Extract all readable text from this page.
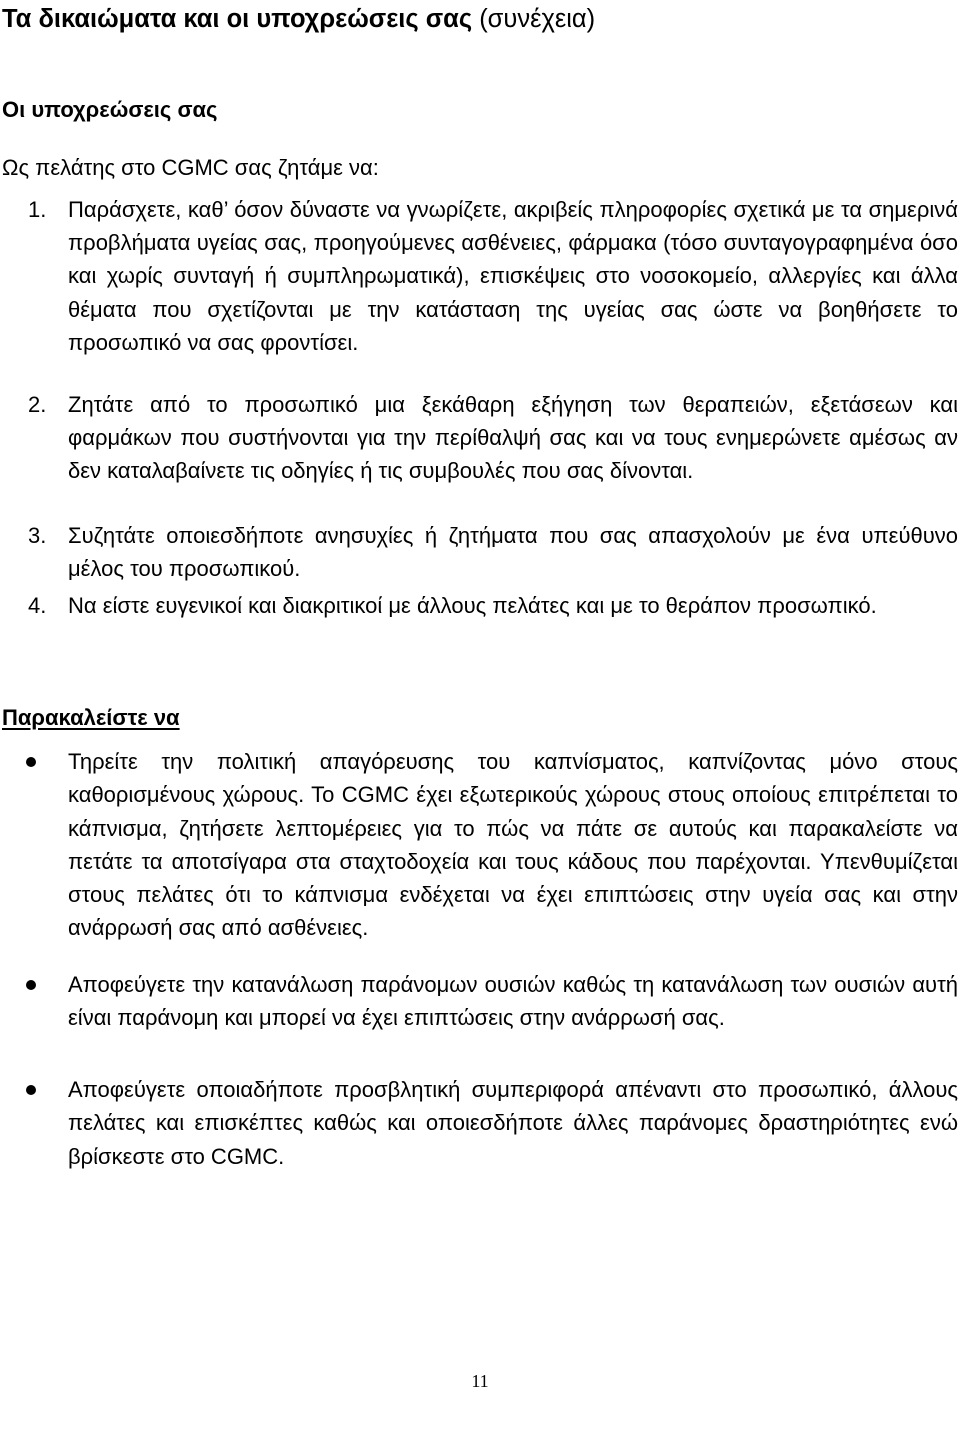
Τα δικαιώματα και οι υποχρεώσεις σας (συνέχεια)
Οι υποχρεώσεις σας

Ως πελάτης στο CGMC σας ζητάμε να:

1. Παράσχετε, καθ’ όσον δύναστε να γνωρίζετε, ακριβείς πληροφορίες σχετικά με τα σημερινά προβλήματα υγείας σας, προηγούμενες ασθένειες, φάρμακα (τόσο συνταγογραφημένα όσο και χωρίς συνταγή ή συμπληρωματικά), επισκέψεις στο νοσοκομείο, αλλεργίες και άλλα θέματα που σχετίζονται με την κατάσταση της υγείας σας ώστε να βοηθήσετε το προσωπικό να σας φροντίσει.
2. Ζητάτε από το προσωπικό μια ξεκάθαρη εξήγηση των θεραπειών, εξετάσεων και φαρμάκων που συστήνονται για την περίθαλψή σας και να τους ενημερώνετε αμέσως αν δεν καταλαβαίνετε τις οδηγίες ή τις συμβουλές που σας δίνονται.
3. Συζητάτε οποιεσδήποτε ανησυχίες ή ζητήματα που σας απασχολούν με ένα υπεύθυνο μέλος του προσωπικού.
4. Να είστε ευγενικοί και διακριτικοί με άλλους πελάτες και με το θεράπον προσωπικό.
Παρακαλείστε να
Τηρείτε την πολιτική απαγόρευσης του καπνίσματος, καπνίζοντας μόνο στους καθορισμένους χώρους. Το CGMC έχει εξωτερικούς χώρους στους οποίους επιτρέπεται το κάπνισμα, ζητήσετε λεπτομέρειες για το πώς να πάτε σε αυτούς και παρακαλείστε να πετάτε τα αποτσίγαρα στα σταχτοδοχεία και τους κάδους που παρέχονται. Υπενθυμίζεται στους πελάτες ότι το κάπνισμα ενδέχεται να έχει επιπτώσεις στην υγεία σας και στην ανάρρωσή σας από ασθένειες.
Αποφεύγετε την κατανάλωση παράνομων ουσιών καθώς τη κατανάλωση των ουσιών αυτή είναι παράνομη και μπορεί να έχει επιπτώσεις στην ανάρρωσή σας.
Αποφεύγετε οποιαδήποτε προσβλητική συμπεριφορά απέναντι στο προσωπικό, άλλους πελάτες και επισκέπτες καθώς και οποιεσδήποτε άλλες παράνομες δραστηριότητες ενώ βρίσκεστε στο CGMC.
11
